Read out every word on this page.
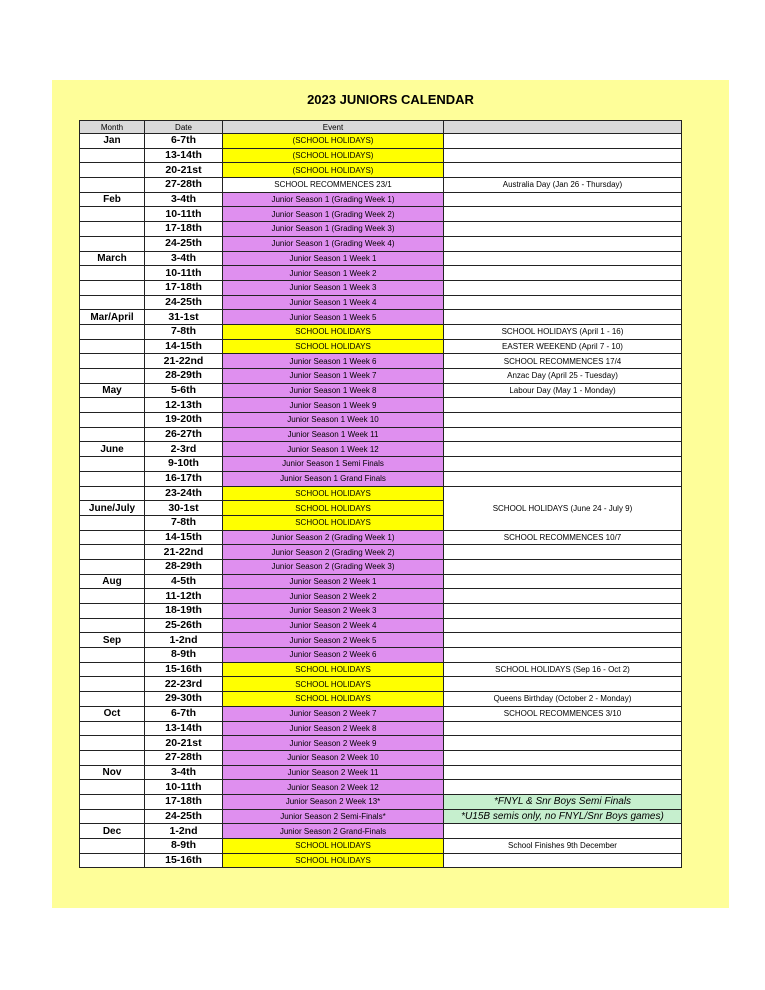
2023 JUNIORS CALENDAR
Month	Date	Event	
Jan	6-7th	(SCHOOL HOLIDAYS)	
	13-14th	(SCHOOL HOLIDAYS)	
	20-21st	(SCHOOL HOLIDAYS)	
	27-28th	SCHOOL RECOMMENCES 23/1	Australia Day (Jan 26 - Thursday)
Feb	3-4th	Junior Season 1 (Grading Week 1)	
	10-11th	Junior Season 1 (Grading Week 2)	
	17-18th	Junior Season 1 (Grading Week 3)	
	24-25th	Junior Season 1 (Grading Week 4)	
March	3-4th	Junior Season 1 Week 1	
	10-11th	Junior Season 1 Week 2	
	17-18th	Junior Season 1 Week 3	
	24-25th	Junior Season 1 Week 4	
Mar/April	31-1st	Junior Season 1 Week 5	
	7-8th	SCHOOL HOLIDAYS	SCHOOL HOLIDAYS (April 1 - 16)
	14-15th	SCHOOL HOLIDAYS	EASTER WEEKEND (April 7 - 10)
	21-22nd	Junior Season 1 Week 6	SCHOOL RECOMMENCES 17/4
	28-29th	Junior Season 1 Week 7	Anzac Day (April 25 - Tuesday)
May	5-6th	Junior Season 1 Week 8	Labour Day (May 1 - Monday)
	12-13th	Junior Season 1 Week 9	
	19-20th	Junior Season 1 Week 10	
	26-27th	Junior Season 1 Week 11	
June	2-3rd	Junior Season 1 Week 12	
	9-10th	Junior Season 1 Semi Finals	
	16-17th	Junior Season 1 Grand Finals	
	23-24th	SCHOOL HOLIDAYS	SCHOOL HOLIDAYS (June 24 - July 9)
June/July	30-1st	SCHOOL HOLIDAYS	
	7-8th	SCHOOL HOLIDAYS	
	14-15th	Junior Season 2 (Grading Week 1)	SCHOOL RECOMMENCES 10/7
	21-22nd	Junior Season 2 (Grading Week 2)	
	28-29th	Junior Season 2 (Grading Week 3)	
Aug	4-5th	Junior Season 2 Week 1	
	11-12th	Junior Season 2 Week 2	
	18-19th	Junior Season 2 Week 3	
	25-26th	Junior Season 2 Week 4	
Sep	1-2nd	Junior Season 2 Week 5	
	8-9th	Junior Season 2 Week 6	
	15-16th	SCHOOL HOLIDAYS	SCHOOL HOLIDAYS (Sep 16 - Oct 2)
	22-23rd	SCHOOL HOLIDAYS	
	29-30th	SCHOOL HOLIDAYS	Queens Birthday (October 2 - Monday)
Oct	6-7th	Junior Season 2 Week 7	SCHOOL RECOMMENCES 3/10
	13-14th	Junior Season 2 Week 8	
	20-21st	Junior Season 2 Week 9	
	27-28th	Junior Season 2 Week 10	
Nov	3-4th	Junior Season 2 Week 11	
	10-11th	Junior Season 2 Week 12	
	17-18th	Junior Season 2 Week 13*	*FNYL & Snr Boys Semi Finals
	24-25th	Junior Season 2 Semi-Finals*	*U15B semis only, no FNYL/Snr Boys games)
Dec	1-2nd	Junior Season 2 Grand-Finals	
	8-9th	SCHOOL HOLIDAYS	School Finishes 9th December
	15-16th	SCHOOL HOLIDAYS	
